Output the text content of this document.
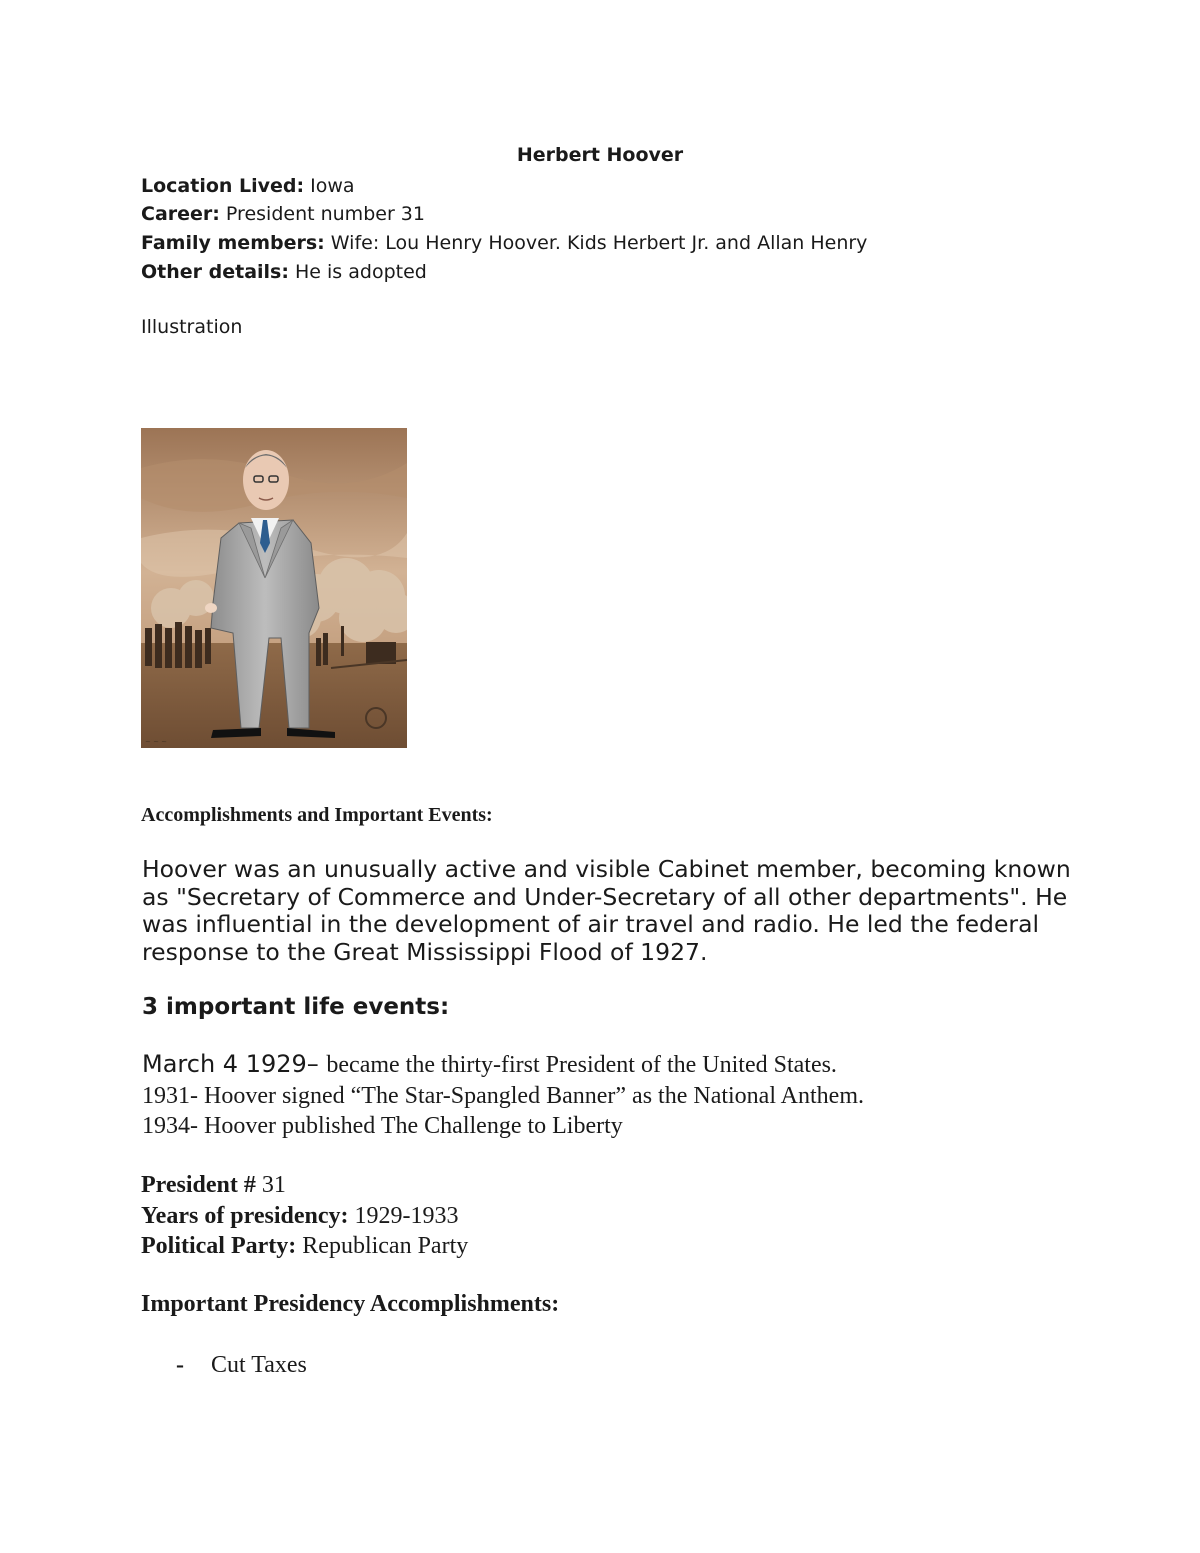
Herbert Hoover
Location Lived: Iowa
Career: President number 31
Family members: Wife: Lou Henry Hoover. Kids Herbert Jr. and Allan Henry
Other details: He is adopted
Illustration
~ ~ ~
Accomplishments and Important Events:
Hoover was an unusually active and visible Cabinet member, becoming known as "Secretary of Commerce and Under-Secretary of all other departments". He was influential in the development of air travel and radio. He led the federal response to the Great Mississippi Flood of 1927.
3 important life events:
March 4 1929– became the thirty-first President of the United States.
1931- Hoover signed “The Star-Spangled Banner” as the National Anthem.
1934- Hoover published The Challenge to Liberty
President # 31
Years of presidency: 1929-1933
Political Party: Republican Party
Important Presidency Accomplishments:
- Cut Taxes
